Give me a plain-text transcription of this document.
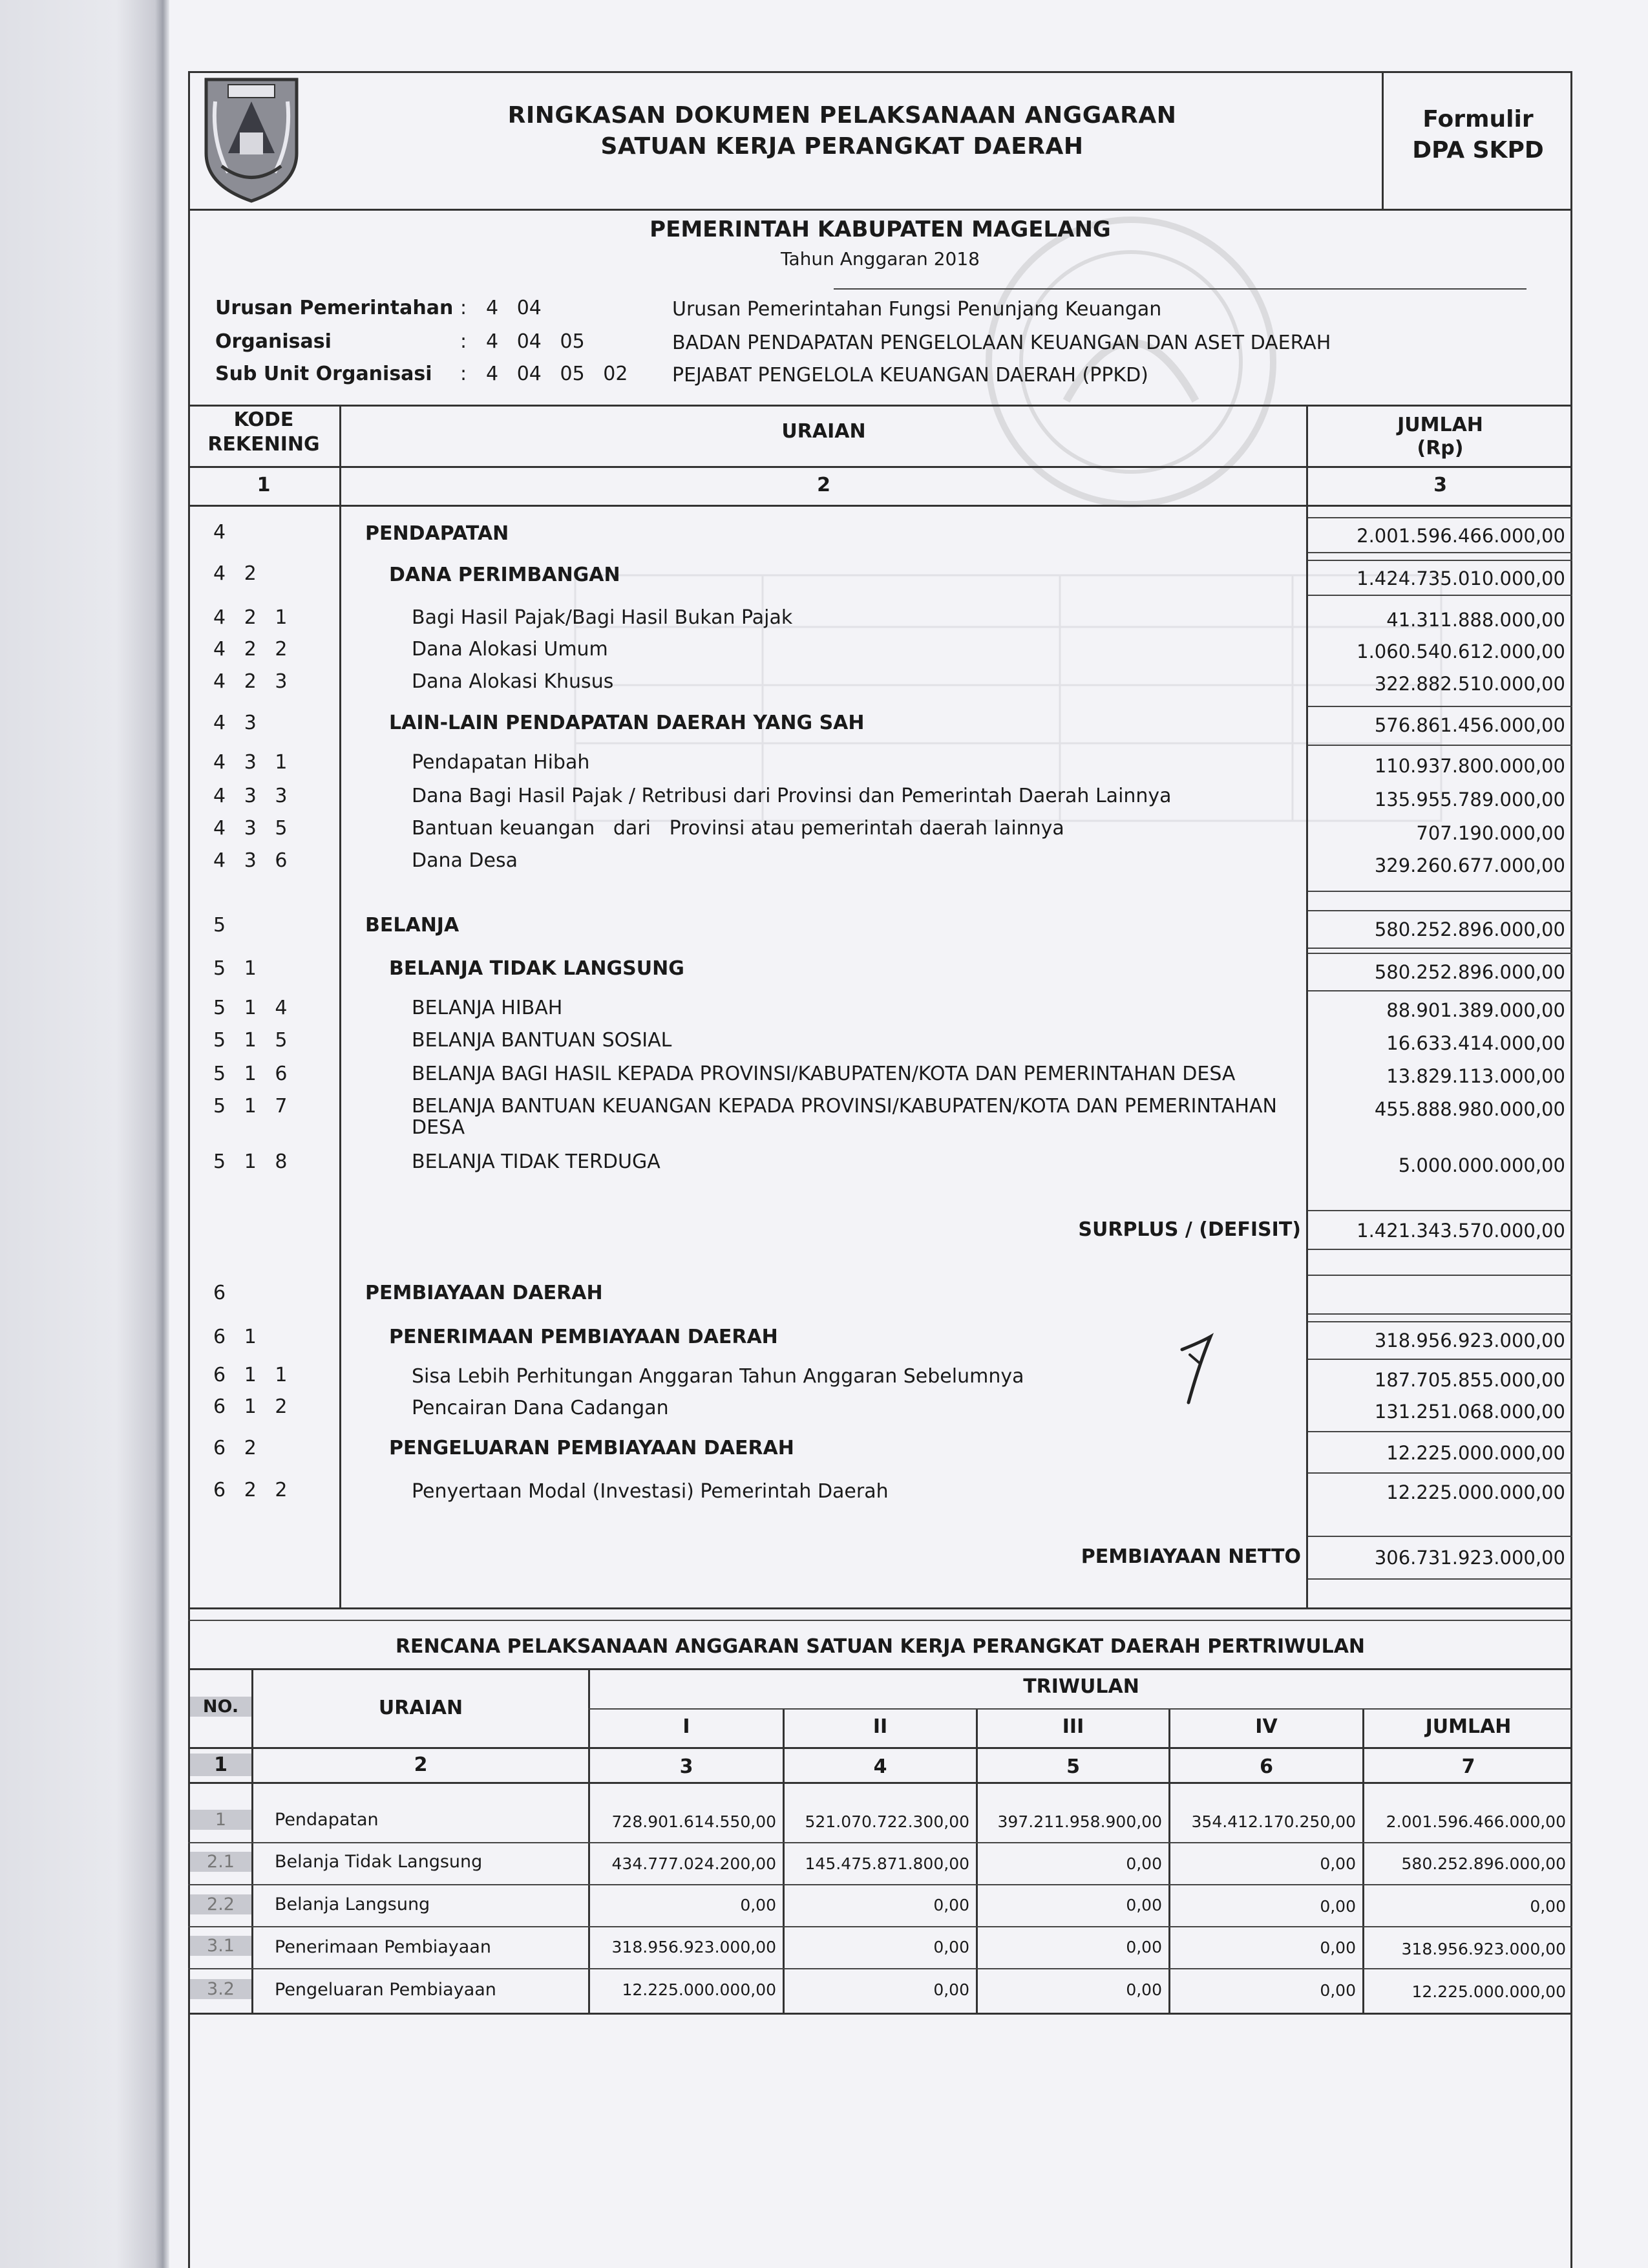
RINGKASAN DOKUMEN PELAKSANAAN ANGGARAN
SATUAN KERJA PERANGKAT DAERAH
Formulir
DPA SKPD
PEMERINTAH KABUPATEN MAGELANG
Tahun Anggaran 2018
Urusan Pemerintahan : 4   04	Urusan Pemerintahan Fungsi Penunjang Keuangan
Organisasi	: 4   04   05	BADAN PENDAPATAN PENGELOLAAN KEUANGAN DAN ASET DAERAH
Sub Unit Organisasi : 4   04   05   02 PEJABAT PENGELOLA KEUANGAN DAERAH (PPKD)
KODE
REKENING
URAIAN	JUMLAH
(Rp)
1	2	3
4	PENDAPATAN	2.001.596.466.000,00
4   2	DANA PERIMBANGAN	1.424.735.010.000,00
4   2   1	Bagi Hasil Pajak/Bagi Hasil Bukan Pajak	41.311.888.000,00
4   2   2	Dana Alokasi Umum	1.060.540.612.000,00
4   2   3	Dana Alokasi Khusus	322.882.510.000,00
4   3	LAIN-LAIN PENDAPATAN DAERAH YANG SAH	576.861.456.000,00
4   3   1	Pendapatan Hibah	110.937.800.000,00
4   3   3	Dana Bagi Hasil Pajak / Retribusi dari Provinsi dan Pemerintah Daerah Lainnya	135.955.789.000,00
4   3   5	Bantuan keuangan   dari   Provinsi atau pemerintah daerah lainnya	707.190.000,00
4   3   6	Dana Desa	329.260.677.000,00
5	BELANJA	580.252.896.000,00
5   1	BELANJA TIDAK LANGSUNG	580.252.896.000,00
5   1   4	BELANJA HIBAH	88.901.389.000,00
5   1   5	BELANJA BANTUAN SOSIAL	16.633.414.000,00
5   1   6	BELANJA BAGI HASIL KEPADA PROVINSI/KABUPATEN/KOTA DAN PEMERINTAHAN DESA	13.829.113.000,00
5   1   7	BELANJA BANTUAN KEUANGAN KEPADA PROVINSI/KABUPATEN/KOTA DAN PEMERINTAHAN
DESA
455.888.980.000,00
5   1   8	BELANJA TIDAK TERDUGA	5.000.000.000,00
SURPLUS / (DEFISIT)	1.421.343.570.000,00
6	PEMBIAYAAN DAERAH
6   1	PENERIMAAN PEMBIAYAAN DAERAH	318.956.923.000,00
6   1   1	Sisa Lebih Perhitungan Anggaran Tahun Anggaran Sebelumnya	187.705.855.000,00
6   1   2	Pencairan Dana Cadangan	131.251.068.000,00
6   2	PENGELUARAN PEMBIAYAAN DAERAH	12.225.000.000,00
6   2   2	Penyertaan Modal (Investasi) Pemerintah Daerah	12.225.000.000,00
PEMBIAYAAN NETTO	306.731.923.000,00
RENCANA PELAKSANAAN ANGGARAN SATUAN KERJA PERANGKAT DAERAH PERTRIWULAN
NO.	URAIAN
TRIWULAN
I	II	III	IV	JUMLAH
1	2	3	4	5	6	7
1	Pendapatan	728.901.614.550,00	521.070.722.300,00	397.211.958.900,00	354.412.170.250,00	2.001.596.466.000,00
2.1	Belanja Tidak Langsung	434.777.024.200,00	145.475.871.800,00	0,00	0,00	580.252.896.000,00
2.2	Belanja Langsung	0,00	0,00	0,00	0,00	0,00
3.1	Penerimaan Pembiayaan	318.956.923.000,00	0,00	0,00	0,00	318.956.923.000,00
3.2	Pengeluaran Pembiayaan	12.225.000.000,00	0,00	0,00	0,00	12.225.000.000,00
